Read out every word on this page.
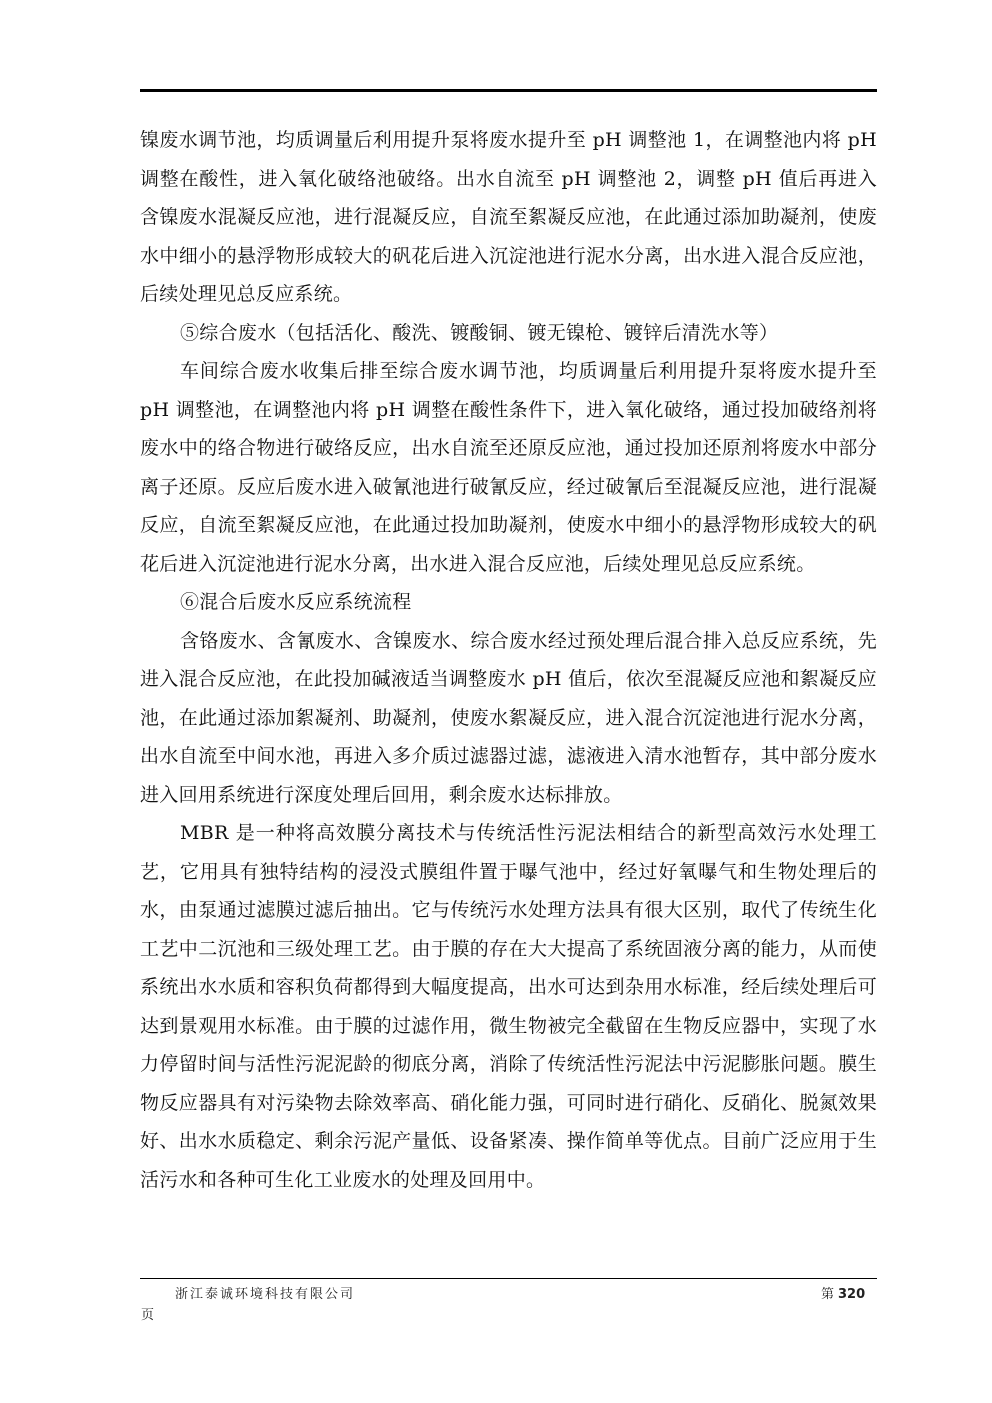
镍废水调节池，均质调量后利用提升泵将废水提升至 pH 调整池 1，在调整池内将 pH 调整在酸性，进入氧化破络池破络。出水自流至 pH 调整池 2，调整 pH 值后再进入含镍废水混凝反应池，进行混凝反应，自流至絮凝反应池，在此通过添加助凝剂，使废水中细小的悬浮物形成较大的矾花后进入沉淀池进行泥水分离，出水进入混合反应池，后续处理见总反应系统。

⑤综合废水（包括活化、酸洗、镀酸铜、镀无镍枪、镀锌后清洗水等）

车间综合废水收集后排至综合废水调节池，均质调量后利用提升泵将废水提升至 pH 调整池，在调整池内将 pH 调整在酸性条件下，进入氧化破络，通过投加破络剂将废水中的络合物进行破络反应，出水自流至还原反应池，通过投加还原剂将废水中部分离子还原。反应后废水进入破氰池进行破氰反应，经过破氰后至混凝反应池，进行混凝反应，自流至絮凝反应池，在此通过投加助凝剂，使废水中细小的悬浮物形成较大的矾花后进入沉淀池进行泥水分离，出水进入混合反应池，后续处理见总反应系统。

⑥混合后废水反应系统流程

含铬废水、含氰废水、含镍废水、综合废水经过预处理后混合排入总反应系统，先进入混合反应池，在此投加碱液适当调整废水 pH 值后，依次至混凝反应池和絮凝反应池，在此通过添加絮凝剂、助凝剂，使废水絮凝反应，进入混合沉淀池进行泥水分离，出水自流至中间水池，再进入多介质过滤器过滤，滤液进入清水池暂存，其中部分废水进入回用系统进行深度处理后回用，剩余废水达标排放。

MBR 是一种将高效膜分离技术与传统活性污泥法相结合的新型高效污水处理工艺，它用具有独特结构的浸没式膜组件置于曝气池中，经过好氧曝气和生物处理后的水，由泵通过滤膜过滤后抽出。它与传统污水处理方法具有很大区别，取代了传统生化工艺中二沉池和三级处理工艺。由于膜的存在大大提高了系统固液分离的能力，从而使系统出水水质和容积负荷都得到大幅度提高，出水可达到杂用水标准，经后续处理后可达到景观用水标准。由于膜的过滤作用，微生物被完全截留在生物反应器中，实现了水力停留时间与活性污泥泥龄的彻底分离，消除了传统活性污泥法中污泥膨胀问题。膜生物反应器具有对污染物去除效率高、硝化能力强，可同时进行硝化、反硝化、脱氮效果好、出水水质稳定、剩余污泥产量低、设备紧凑、操作简单等优点。目前广泛应用于生活污水和各种可生化工业废水的处理及回用中。

浙江泰诚环境科技有限公司	第 320
页
